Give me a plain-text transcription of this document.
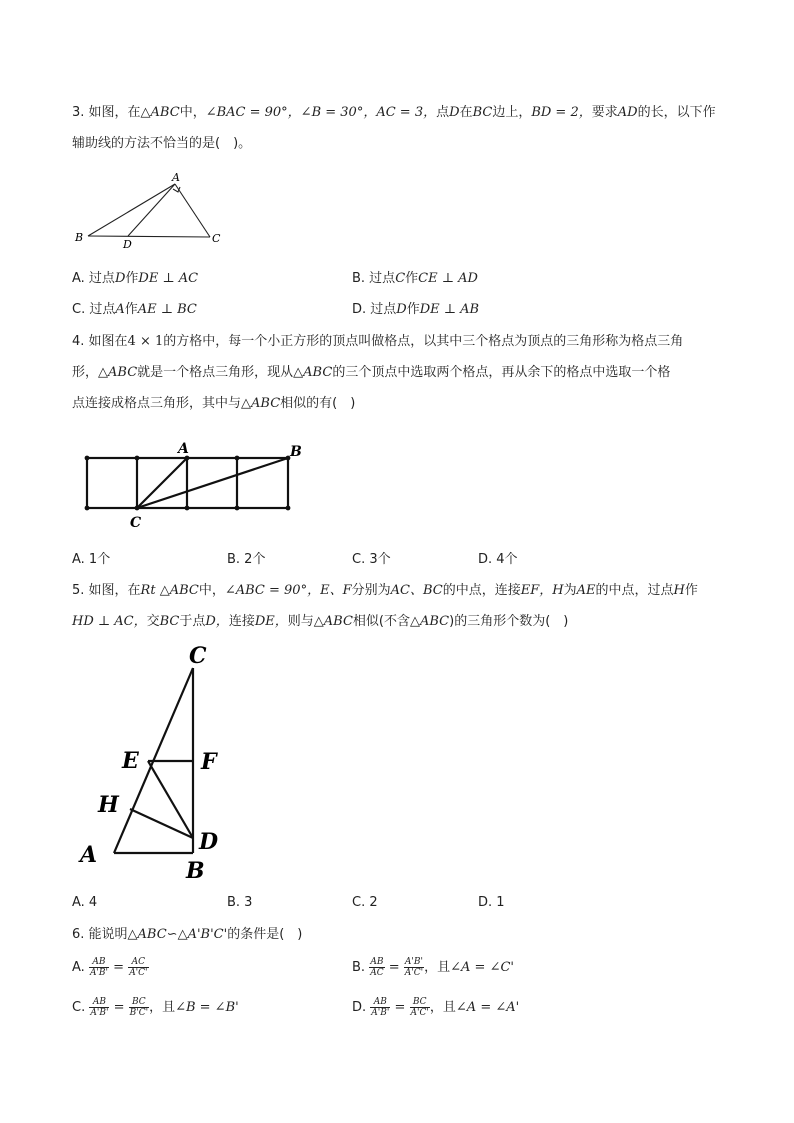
3. 如图，在△ABC中，∠BAC = 90°，∠B = 30°，AC = 3，点D在BC边上，BD = 2，要求AD的长，以下作
辅助线的方法不恰当的是(　)。
A
B	C
D
A. 过点D作DE ⊥ AC	B. 过点C作CE ⊥ AD
C. 过点A作AE ⊥ BC	D. 过点D作DE ⊥ AB
4. 如图在4 × 1的方格中，每一个小正方形的顶点叫做格点，以其中三个格点为顶点的三角形称为格点三角
形，△ABC就是一个格点三角形，现从△ABC的三个顶点中选取两个格点，再从余下的格点中选取一个格
点连接成格点三角形，其中与△ABC相似的有(　)
A	B
C
A. 1个	B. 2个	C. 3个	D. 4个
5. 如图，在Rt △ABC中，∠ABC = 90°，E、F分别为AC、BC的中点，连接EF，H为AE的中点，过点H作
HD ⊥ AC，交BC于点D，连接DE，则与△ABC相似(不含△ABC)的三角形个数为(　)
C
E	F
H
D
A
B
A. 4	B. 3	C. 2	D. 1
6. 能说明△ABC∽△A'B'C'的条件是(　)
A. $\frac{AB}{A'B'} = \frac{AC}{A'C'}$	B. $\frac{AB}{AC} = \frac{A'B'}{A'C'}$ ，且∠A = ∠C'
C. $\frac{AB}{A'B'} = \frac{BC}{B'C'}$ ，且∠B = ∠B'	D. $\frac{AB}{A'B'} = \frac{BC}{A'C'}$ ，且∠A = ∠A'
